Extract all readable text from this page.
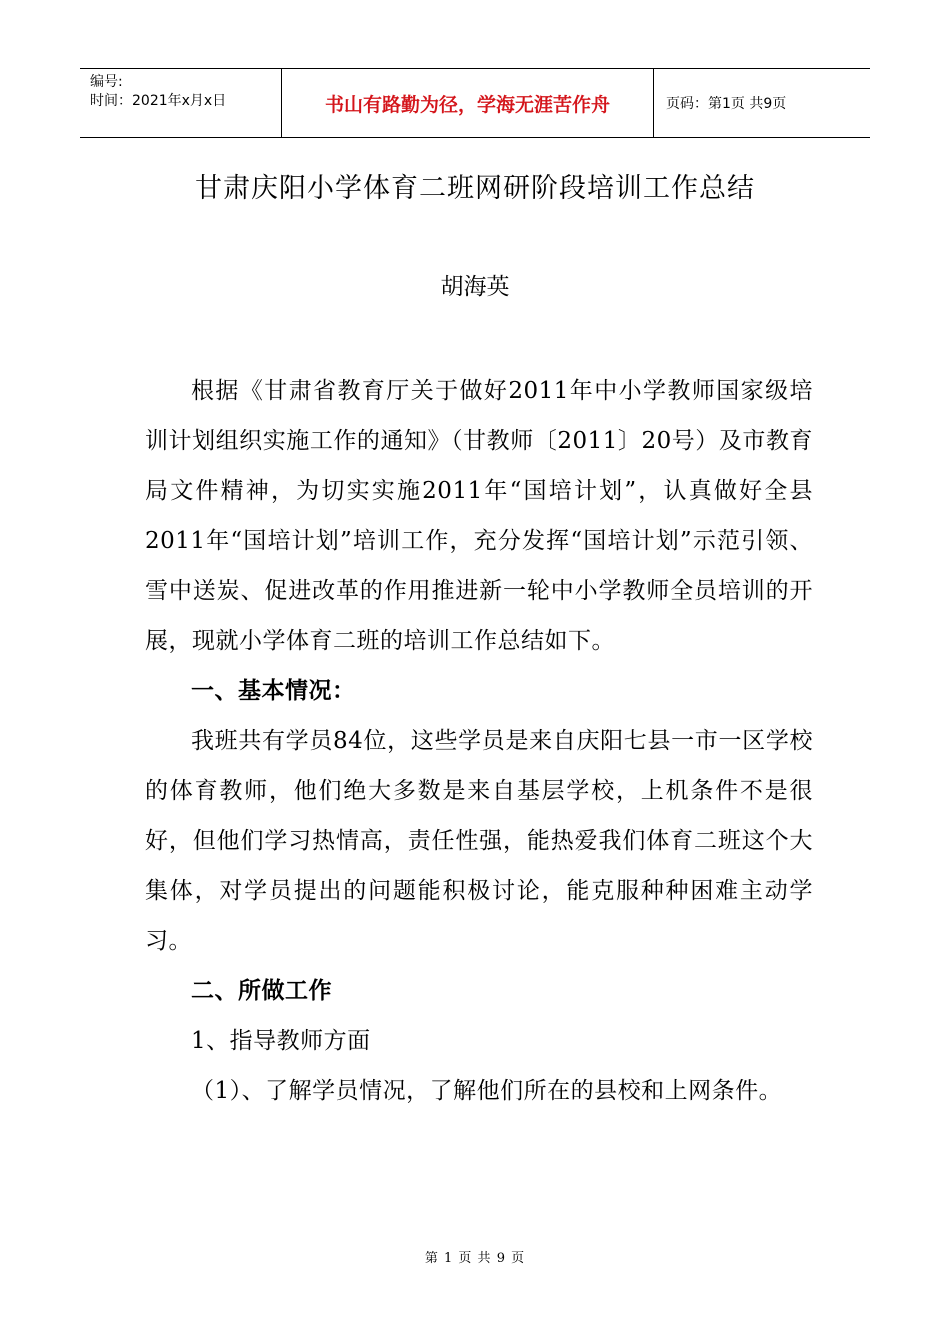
编号:
时间：2021年x月x日	书山有路勤为径，学海无涯苦作舟	页码：第1页 共9页
甘肃庆阳小学体育二班网研阶段培训工作总结
胡海英

根据《甘肃省教育厅关于做好2011年中小学教师国家级培训计划组织实施工作的通知》（甘教师〔2011〕20号）及市教育局文件精神，为切实实施2011年“国培计划”，认真做好全县2011年“国培计划”培训工作，充分发挥“国培计划”示范引领、雪中送炭、促进改革的作用推进新一轮中小学教师全员培训的开展，现就小学体育二班的培训工作总结如下。

一、基本情况：

我班共有学员84位，这些学员是来自庆阳七县一市一区学校的体育教师，他们绝大多数是来自基层学校，上机条件不是很好，但他们学习热情高，责任性强，能热爱我们体育二班这个大集体，对学员提出的问题能积极讨论，能克服种种困难主动学习。

二、所做工作

1、指导教师方面

（1）、了解学员情况，了解他们所在的县校和上网条件。

第 1 页 共 9 页
